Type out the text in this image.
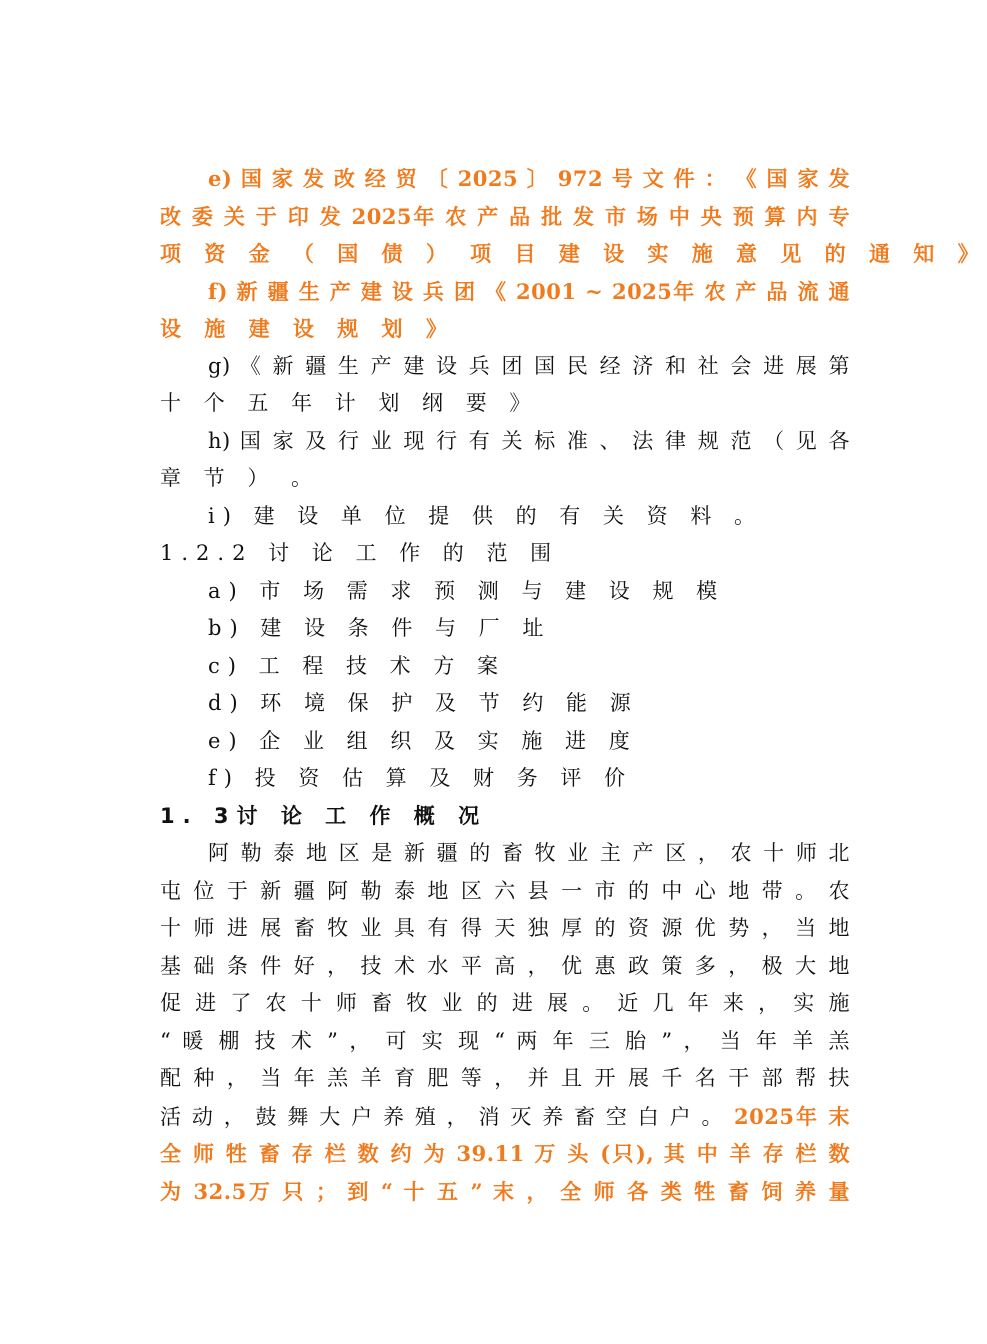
e) 国 家 发 改 经 贸 〔 2025 〕 972 号 文 件 ： 《 国 家 发
改 委 关 于 印 发 2025年 农 产 品 批 发 市 场 中 央 预 算 内 专
项 资 金 （ 国 债 ） 项 目 建 设 实 施 意 见 的 通 知 》
f) 新 疆 生 产 建 设 兵 团 《 2001 ~ 2025年 农 产 品 流 通
设 施 建 设 规 划 》
g) 《 新 疆 生 产 建 设 兵 团 国 民 经 济 和 社 会 进 展 第
十 个 五 年 计 划 纲 要 》
h) 国 家 及 行 业 现 行 有 关 标 准 、 法 律 规 范 （ 见 各
章 节 ） 。
i) 建 设 单 位 提 供 的 有 关 资 料 。
1.2.2 讨 论 工 作 的 范 围
a) 市 场 需 求 预 测 与 建 设 规 模
b) 建 设 条 件 与 厂 址
c) 工 程 技 术 方 案
d) 环 境 保 护 及 节 约 能 源
e) 企 业 组 织 及 实 施 进 度
f) 投 资 估 算 及 财 务 评 价
1. 3讨 论 工 作 概 况
阿 勒 泰 地 区 是 新 疆 的 畜 牧 业 主 产 区 ， 农 十 师 北
屯 位 于 新 疆 阿 勒 泰 地 区 六 县 一 市 的 中 心 地 带 。 农
十 师 进 展 畜 牧 业 具 有 得 天 独 厚 的 资 源 优 势 ， 当 地
基 础 条 件 好 ， 技 术 水 平 高 ， 优 惠 政 策 多 ， 极 大 地
促 进 了 农 十 师 畜 牧 业 的 进 展 。 近 几 年 来 ， 实 施
“ 暖 棚 技 术 ” ， 可 实 现 “ 两 年 三 胎 ” ， 当 年 羊 羔
配 种 ， 当 年 羔 羊 育 肥 等 ， 并 且 开 展 千 名 干 部 帮 扶
活 动 ， 鼓 舞 大 户 养 殖 ， 消 灭 养 畜 空 白 户 。 2025年 末
全 师 牲 畜 存 栏 数 约 为 39.11 万 头 (只), 其 中 羊 存 栏 数
为 32.5万 只 ； 到 “ 十 五 ” 末 ， 全 师 各 类 牲 畜 饲 养 量
